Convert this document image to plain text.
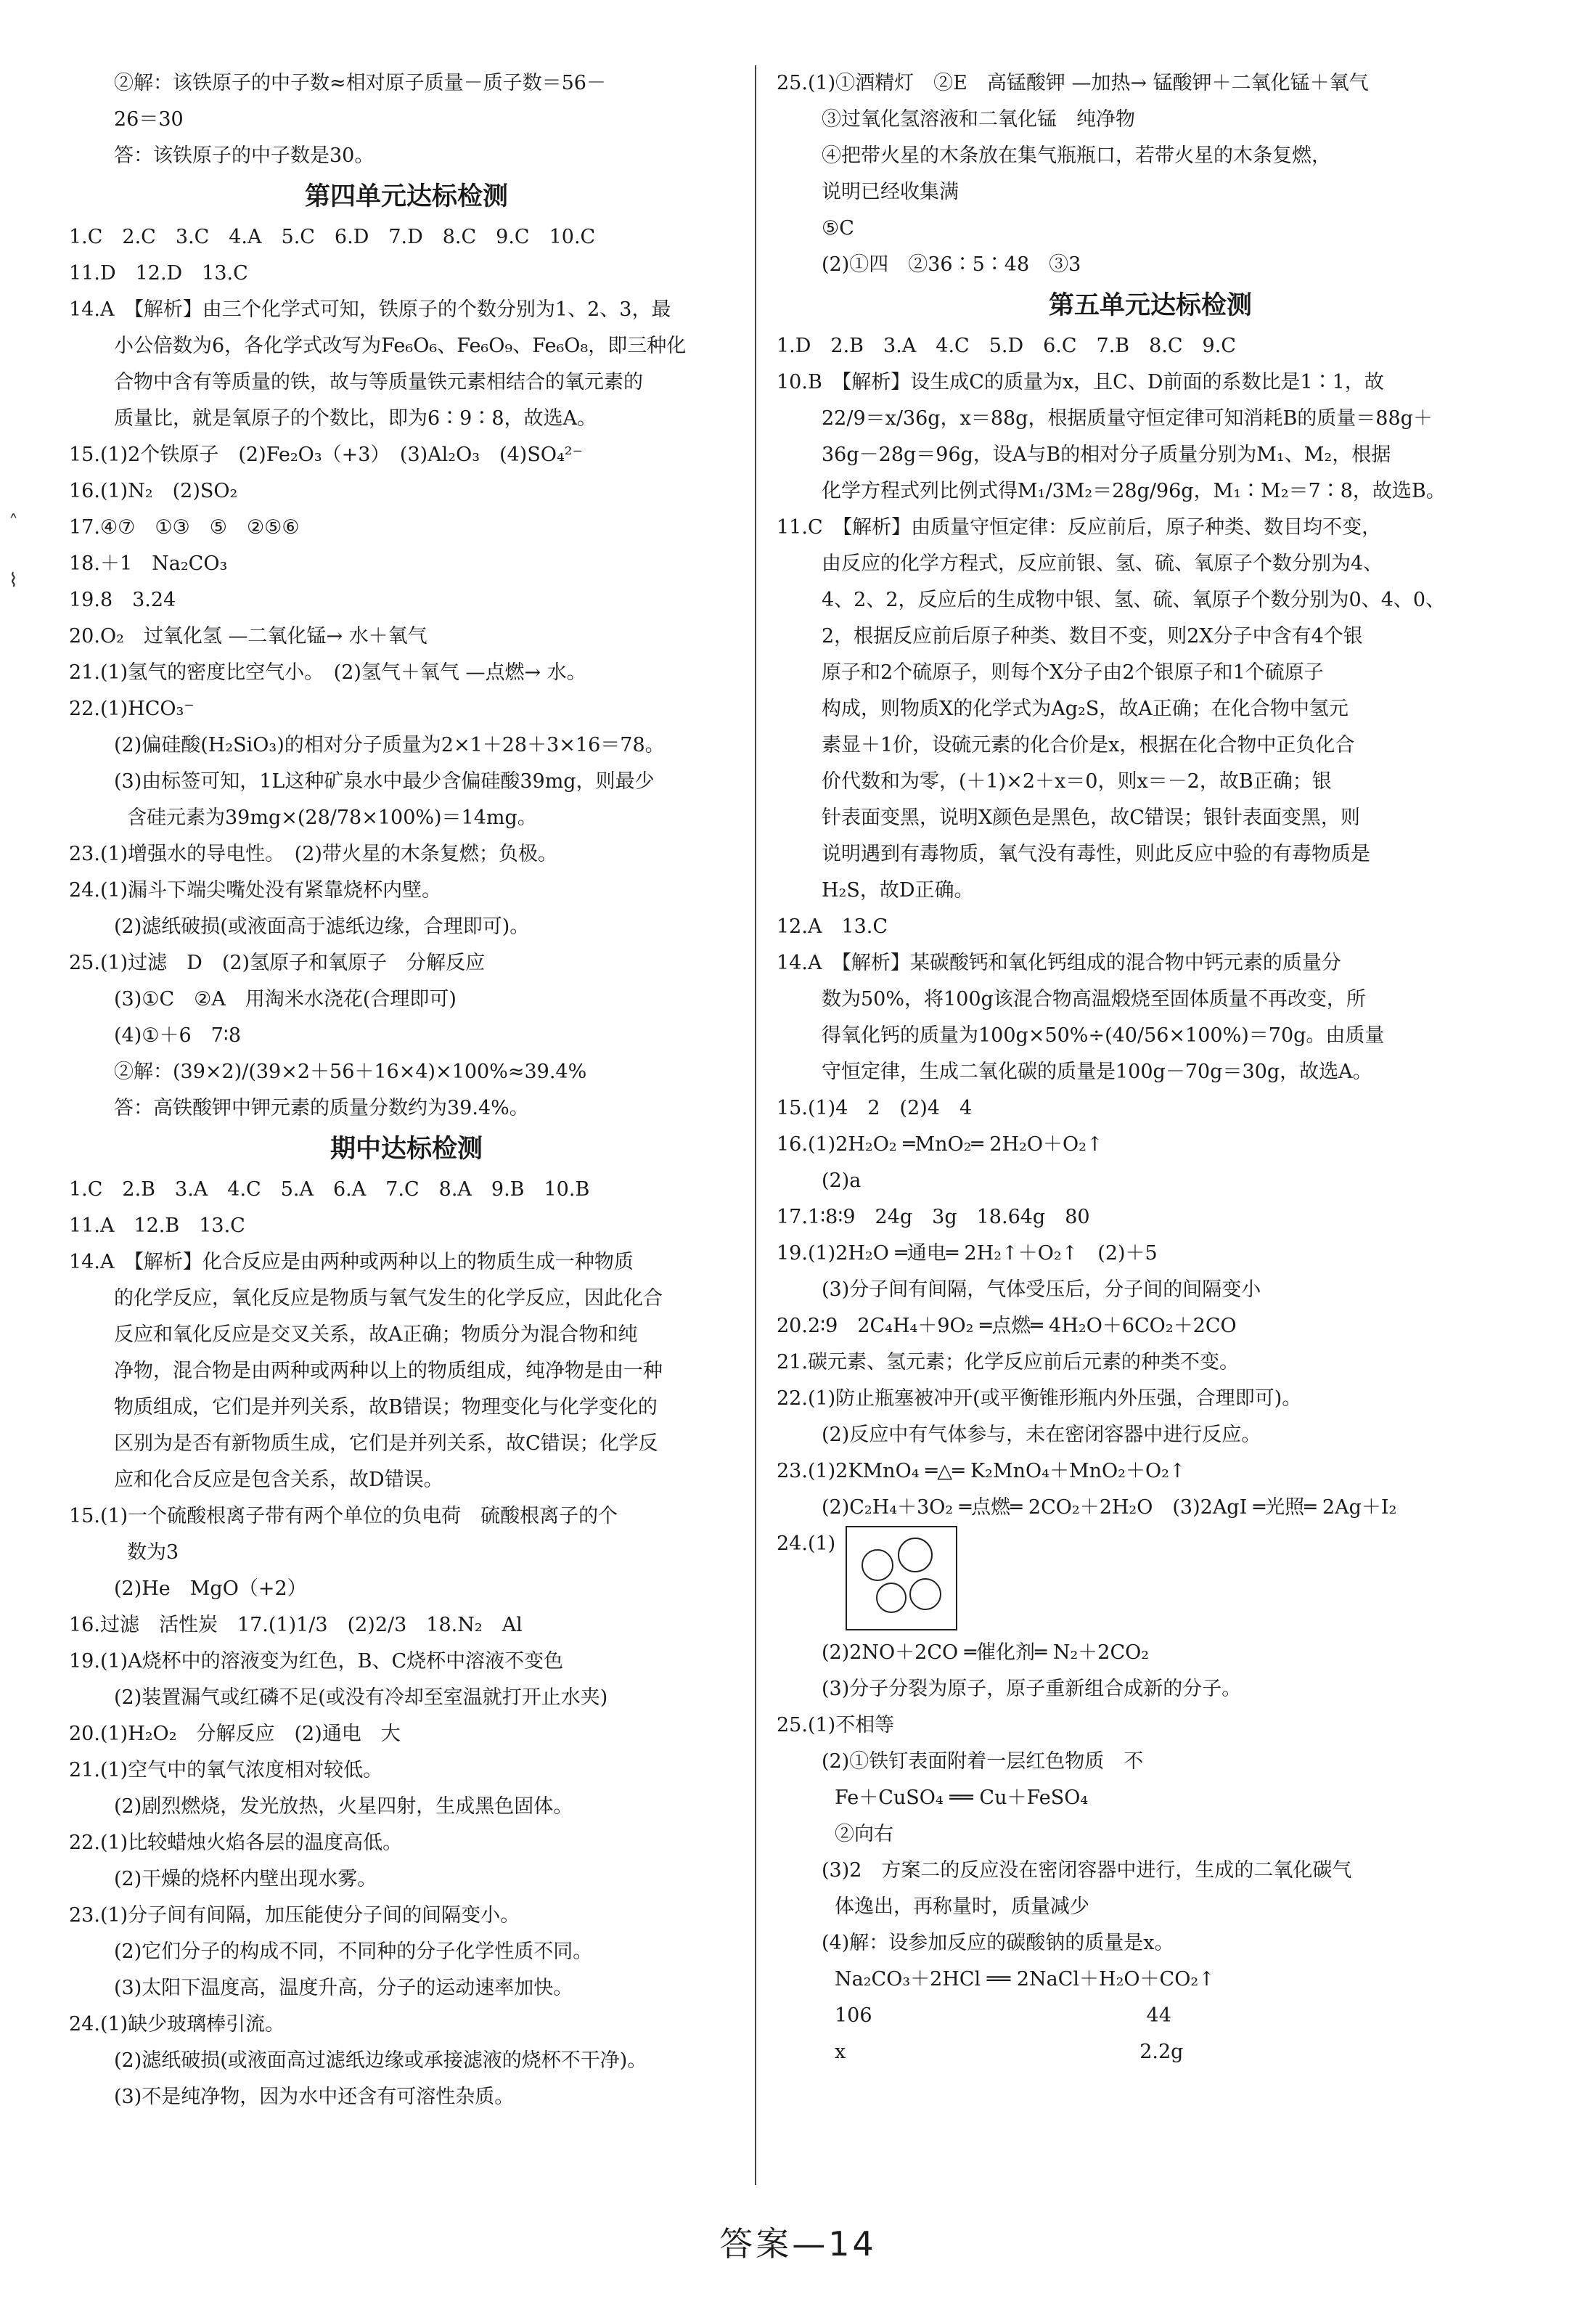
˄

⌇
②解：该铁原子的中子数≈相对原子质量－质子数＝56－
26＝30
答：该铁原子的中子数是30。
第四单元达标检测
1.C　2.C　3.C　4.A　5.C　6.D　7.D　8.C　9.C　10.C
11.D　12.D　13.C
14.A　【解析】由三个化学式可知，铁原子的个数分别为1、2、3，最
小公倍数为6，各化学式改写为Fe₆O₆、Fe₆O₉、Fe₆O₈，即三种化
合物中含有等质量的铁，故与等质量铁元素相结合的氧元素的
质量比，就是氧原子的个数比，即为6∶9∶8，故选A。
15.(1)2个铁原子　(2)Fe₂O₃（+3）　(3)Al₂O₃　(4)SO₄²⁻
16.(1)N₂　(2)SO₂
17.④⑦　①③　⑤　②⑤⑥
18.＋1　Na₂CO₃
19.8　3.24
20.O₂　过氧化氢 —二氧化锰→ 水＋氧气
21.(1)氢气的密度比空气小。　(2)氢气＋氧气 —点燃→ 水。
22.(1)HCO₃⁻
(2)偏硅酸(H₂SiO₃)的相对分子质量为2×1＋28＋3×16＝78。
(3)由标签可知，1L这种矿泉水中最少含偏硅酸39mg，则最少
含硅元素为39mg×(28/78×100%)＝14mg。
23.(1)增强水的导电性。　(2)带火星的木条复燃；负极。
24.(1)漏斗下端尖嘴处没有紧靠烧杯内壁。
(2)滤纸破损(或液面高于滤纸边缘，合理即可)。
25.(1)过滤　D　(2)氢原子和氧原子　分解反应
(3)①C　②A　用淘米水浇花(合理即可)
(4)①＋6　7∶8
②解：(39×2)/(39×2＋56＋16×4)×100%≈39.4%
答：高铁酸钾中钾元素的质量分数约为39.4%。
期中达标检测
1.C　2.B　3.A　4.C　5.A　6.A　7.C　8.A　9.B　10.B
11.A　12.B　13.C
14.A　【解析】化合反应是由两种或两种以上的物质生成一种物质
的化学反应，氧化反应是物质与氧气发生的化学反应，因此化合
反应和氧化反应是交叉关系，故A正确；物质分为混合物和纯
净物，混合物是由两种或两种以上的物质组成，纯净物是由一种
物质组成，它们是并列关系，故B错误；物理变化与化学变化的
区别为是否有新物质生成，它们是并列关系，故C错误；化学反
应和化合反应是包含关系，故D错误。
15.(1)一个硫酸根离子带有两个单位的负电荷　硫酸根离子的个
数为3
(2)He　MgO（+2）
16.过滤　活性炭　17.(1)1/3　(2)2/3　18.N₂　Al
19.(1)A烧杯中的溶液变为红色，B、C烧杯中溶液不变色
(2)装置漏气或红磷不足(或没有冷却至室温就打开止水夹)
20.(1)H₂O₂　分解反应　(2)通电　大
21.(1)空气中的氧气浓度相对较低。
(2)剧烈燃烧，发光放热，火星四射，生成黑色固体。
22.(1)比较蜡烛火焰各层的温度高低。
(2)干燥的烧杯内壁出现水雾。
23.(1)分子间有间隔，加压能使分子间的间隔变小。
(2)它们分子的构成不同，不同种的分子化学性质不同。
(3)太阳下温度高，温度升高，分子的运动速率加快。
24.(1)缺少玻璃棒引流。
(2)滤纸破损(或液面高过滤纸边缘或承接滤液的烧杯不干净)。
(3)不是纯净物，因为水中还含有可溶性杂质。
25.(1)①酒精灯　②E　高锰酸钾 —加热→ 锰酸钾＋二氧化锰＋氧气
③过氧化氢溶液和二氧化锰　纯净物
④把带火星的木条放在集气瓶瓶口，若带火星的木条复燃，
说明已经收集满
⑤C
(2)①四　②36∶5∶48　③3
第五单元达标检测
1.D　2.B　3.A　4.C　5.D　6.C　7.B　8.C　9.C
10.B　【解析】设生成C的质量为x，且C、D前面的系数比是1∶1，故
22/9＝x/36g，x＝88g，根据质量守恒定律可知消耗B的质量＝88g＋
36g－28g＝96g，设A与B的相对分子质量分别为M₁、M₂，根据
化学方程式列比例式得M₁/3M₂＝28g/96g，M₁∶M₂＝7∶8，故选B。
11.C　【解析】由质量守恒定律：反应前后，原子种类、数目均不变，
由反应的化学方程式，反应前银、氢、硫、氧原子个数分别为4、
4、2、2，反应后的生成物中银、氢、硫、氧原子个数分别为0、4、0、
2，根据反应前后原子种类、数目不变，则2X分子中含有4个银
原子和2个硫原子，则每个X分子由2个银原子和1个硫原子
构成，则物质X的化学式为Ag₂S，故A正确；在化合物中氢元
素显＋1价，设硫元素的化合价是x，根据在化合物中正负化合
价代数和为零，(＋1)×2＋x＝0，则x＝－2，故B正确；银
针表面变黑，说明X颜色是黑色，故C错误；银针表面变黑，则
说明遇到有毒物质，氧气没有毒性，则此反应中验的有毒物质是
H₂S，故D正确。
12.A　13.C
14.A　【解析】某碳酸钙和氧化钙组成的混合物中钙元素的质量分
数为50%，将100g该混合物高温煅烧至固体质量不再改变，所
得氧化钙的质量为100g×50%÷(40/56×100%)＝70g。由质量
守恒定律，生成二氧化碳的质量是100g－70g＝30g，故选A。
15.(1)4　2　(2)4　4
16.(1)2H₂O₂ ═MnO₂═ 2H₂O＋O₂↑
(2)a
17.1∶8∶9　24g　3g　18.64g　80
19.(1)2H₂O ═通电═ 2H₂↑＋O₂↑　(2)＋5
(3)分子间有间隔，气体受压后，分子间的间隔变小
20.2∶9　2C₄H₄＋9O₂ ═点燃═ 4H₂O＋6CO₂＋2CO
21.碳元素、氢元素；化学反应前后元素的种类不变。
22.(1)防止瓶塞被冲开(或平衡锥形瓶内外压强，合理即可)。
(2)反应中有气体参与，未在密闭容器中进行反应。
23.(1)2KMnO₄ ═△═ K₂MnO₄＋MnO₂＋O₂↑
(2)C₂H₄＋3O₂ ═点燃═ 2CO₂＋2H₂O　(3)2AgI ═光照═ 2Ag＋I₂
24.(1)
(2)2NO＋2CO ═催化剂═ N₂＋2CO₂
(3)分子分裂为原子，原子重新组合成新的分子。
25.(1)不相等
(2)①铁钉表面附着一层红色物质　不
Fe＋CuSO₄ ══ Cu＋FeSO₄
②向右
(3)2　方案二的反应没在密闭容器中进行，生成的二氧化碳气
体逸出，再称量时，质量减少
(4)解：设参加反应的碳酸钠的质量是x。
Na₂CO₃＋2HCl ══ 2NaCl＋H₂O＋CO₂↑
106　　　　　　　　　　　　　　44
x　　　　　　　　　　　　　　　2.2g
答案—14
